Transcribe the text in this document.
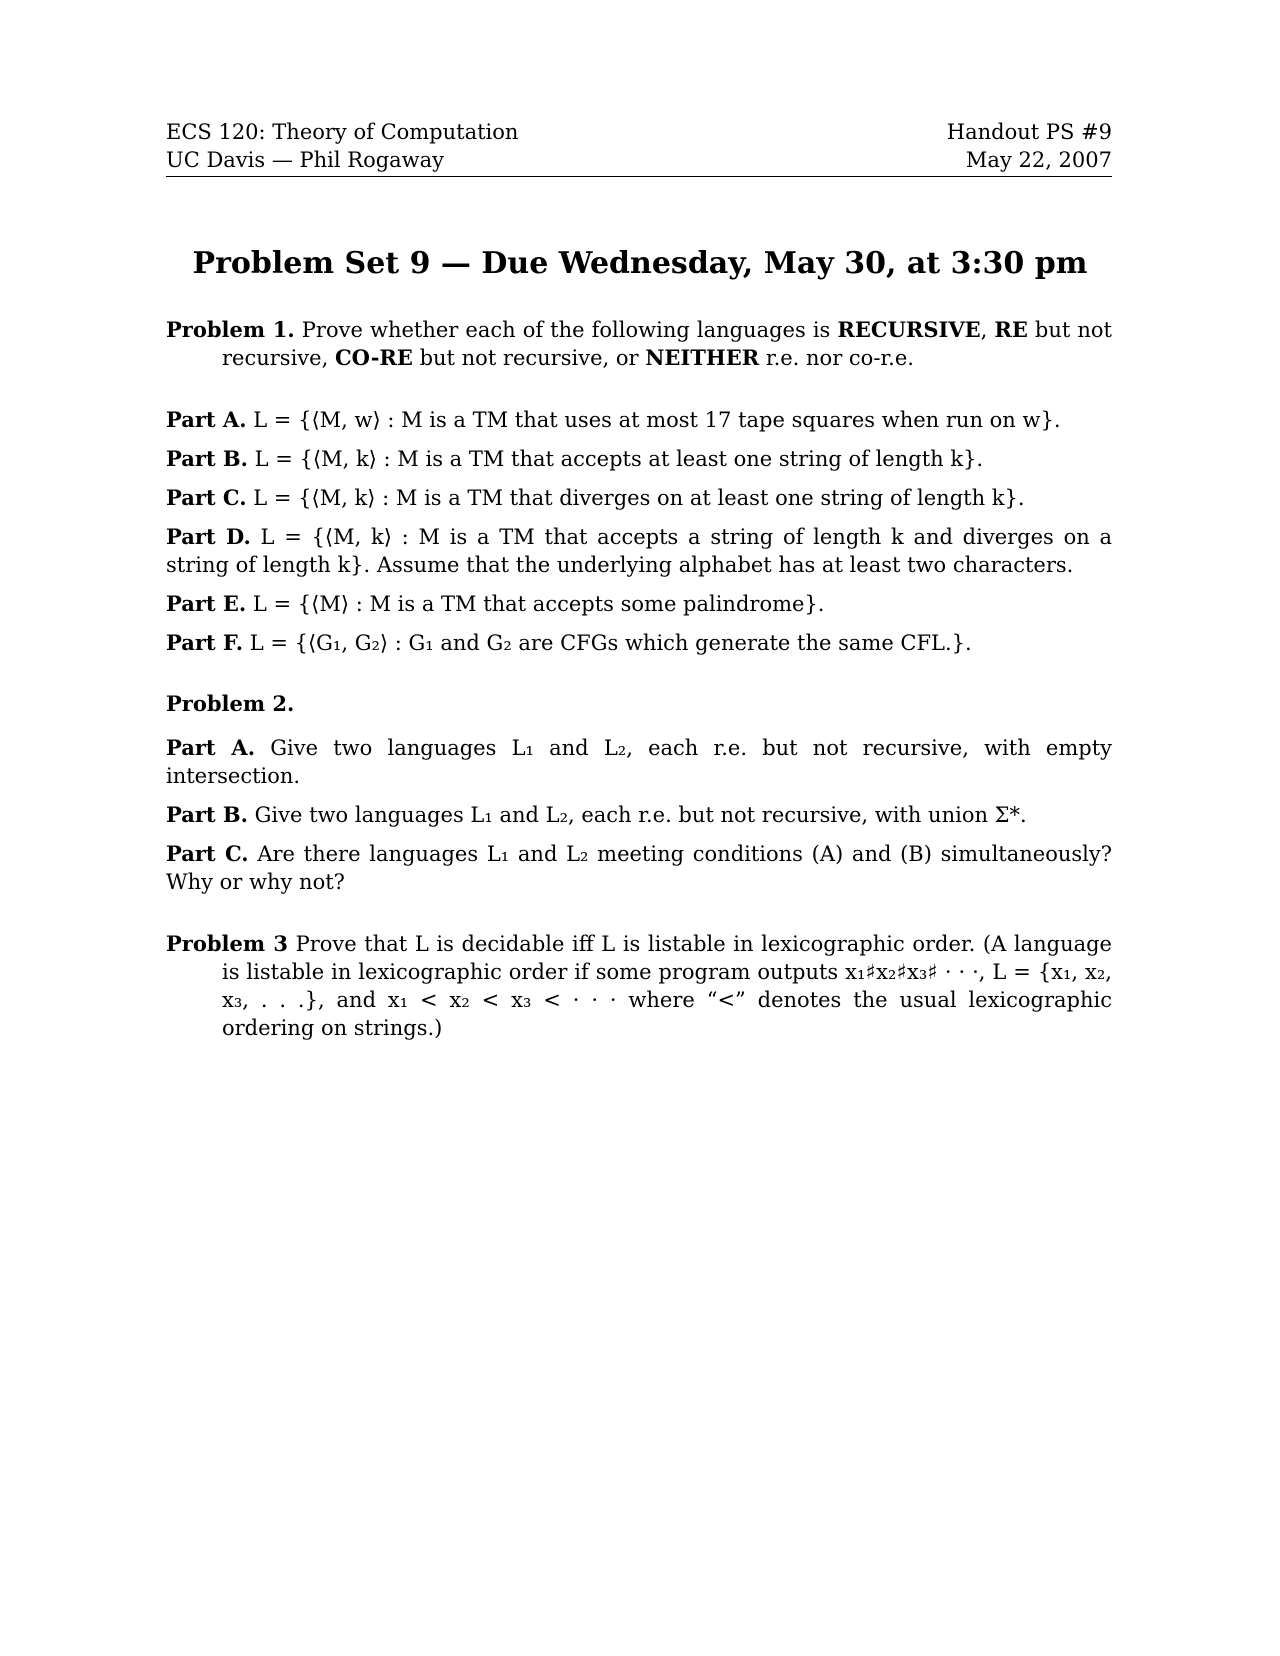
ECS 120: Theory of Computation
UC Davis — Phil Rogaway
Handout PS #9
May 22, 2007
Problem Set 9 — Due Wednesday, May 30, at 3:30 pm

Problem 1. Prove whether each of the following languages is RECURSIVE, RE but not recursive, CO-RE but not recursive, or NEITHER r.e. nor co-r.e.

Part A. L = {⟨M, w⟩ : M is a TM that uses at most 17 tape squares when run on w}.

Part B. L = {⟨M, k⟩ : M is a TM that accepts at least one string of length k}.

Part C. L = {⟨M, k⟩ : M is a TM that diverges on at least one string of length k}.

Part D. L = {⟨M, k⟩ : M is a TM that accepts a string of length k and diverges on a string of length k}. Assume that the underlying alphabet has at least two characters.

Part E. L = {⟨M⟩ : M is a TM that accepts some palindrome}.

Part F. L = {⟨G₁, G₂⟩ : G₁ and G₂ are CFGs which generate the same CFL.}.

Problem 2.

Part A. Give two languages L₁ and L₂, each r.e. but not recursive, with empty intersection.

Part B. Give two languages L₁ and L₂, each r.e. but not recursive, with union Σ*.

Part C. Are there languages L₁ and L₂ meeting conditions (A) and (B) simultaneously? Why or why not?

Problem 3 Prove that L is decidable iff L is listable in lexicographic order. (A language is listable in lexicographic order if some program outputs x₁♯x₂♯x₃♯ · · ·, L = {x₁, x₂, x₃, . . .}, and x₁ < x₂ < x₃ < · · · where “<” denotes the usual lexicographic ordering on strings.)
